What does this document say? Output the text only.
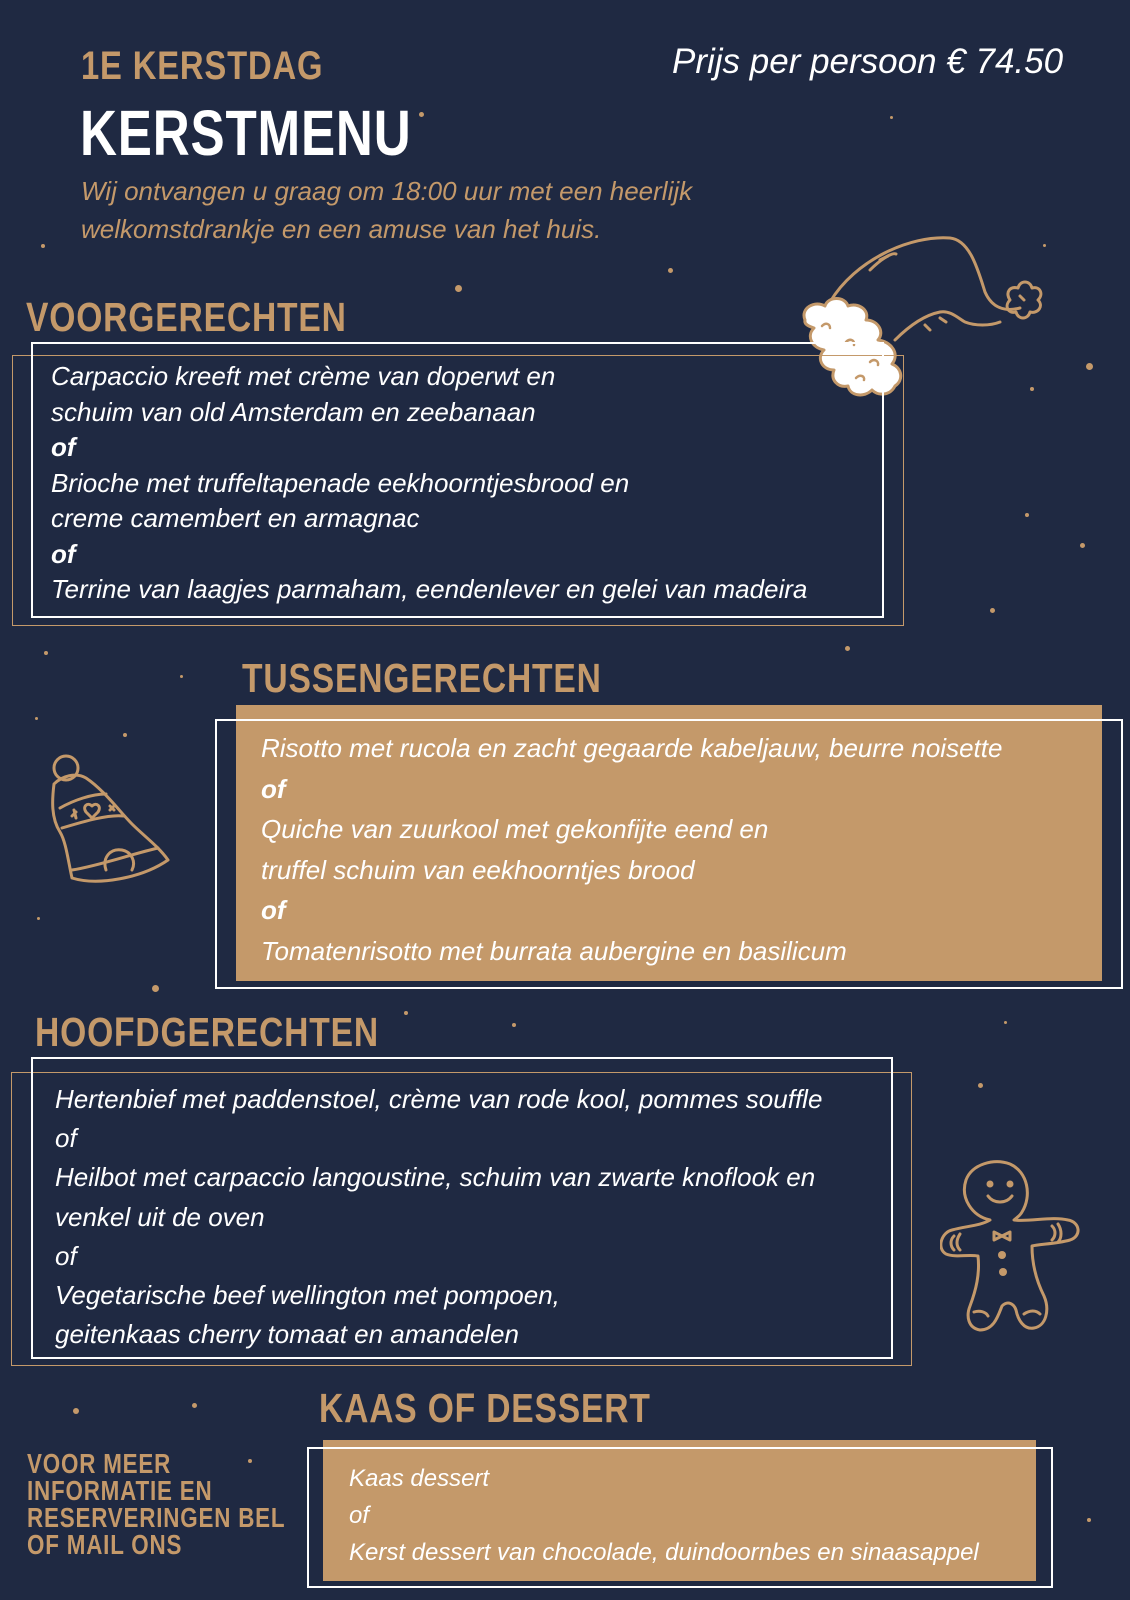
1E KERSTDAG
KERSTMENU
Prijs per persoon € 74.50
Wij ontvangen u graag om 18:00 uur met een heerlijk
welkomstdrankje en een amuse van het huis.
VOORGERECHTEN
Carpaccio kreeft met crème van doperwt en
schuim van old Amsterdam en zeebanaan
of
Brioche met truffeltapenade eekhoorntjesbrood en
creme camembert en armagnac
of
Terrine van laagjes parmaham, eendenlever en gelei van madeira
TUSSENGERECHTEN
Risotto met rucola en zacht gegaarde kabeljauw, beurre noisette
of
Quiche van zuurkool met gekonfijte eend en
truffel schuim van eekhoorntjes brood
of
Tomatenrisotto met burrata aubergine en basilicum
HOOFDGERECHTEN
Hertenbief met paddenstoel, crème van rode kool, pommes souffle
of
Heilbot met carpaccio langoustine, schuim van zwarte knoflook en
venkel uit de oven
of
Vegetarische beef wellington met pompoen,
geitenkaas cherry tomaat en amandelen
KAAS OF DESSERT
Kaas dessert
of
Kerst dessert van chocolade, duindoornbes en sinaasappel
VOOR MEER
INFORMATIE EN
RESERVERINGEN BEL
OF MAIL ONS
